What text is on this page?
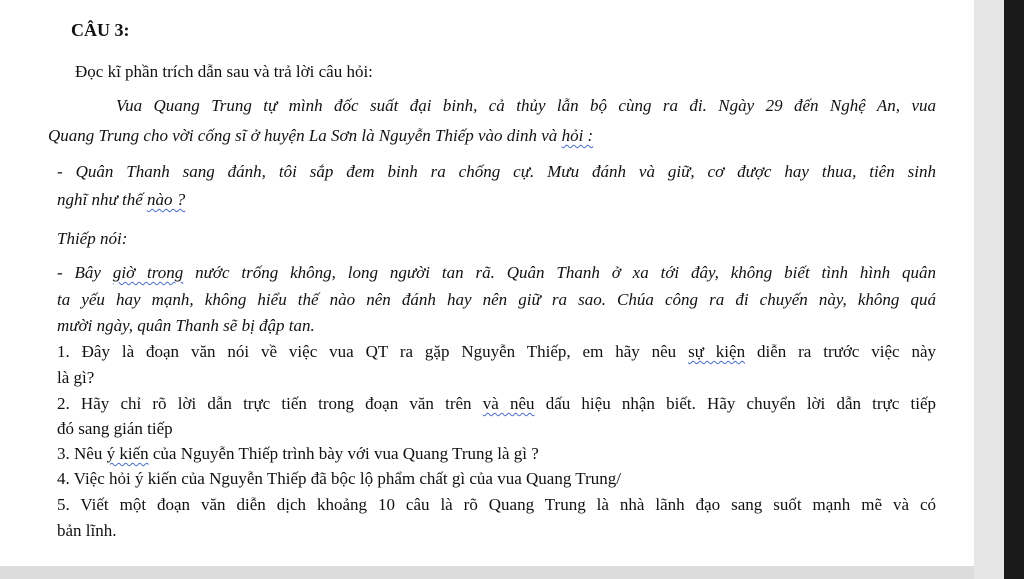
CÂU 3:
Đọc kĩ phần trích dẫn sau và trả lời câu hỏi:
Vua Quang Trung tự mình đốc suất đại binh, cả thủy lẫn bộ cùng ra đi. Ngày 29 đến Nghệ An, vua
Quang Trung cho vời cống sĩ ở huyện La Sơn là Nguyễn Thiếp vào dinh và hỏi :
- Quân Thanh sang đánh, tôi sắp đem binh ra chống cự. Mưu đánh và giữ, cơ được hay thua, tiên sinh
nghĩ như thế nào ?
Thiếp nói:
- Bây giờ trong nước trống không, long người tan rã. Quân Thanh ở xa tới đây, không biết tình hình quân
ta yếu hay mạnh, không hiểu thế nào nên đánh hay nên giữ ra sao. Chúa công ra đi chuyến này, không quá
mười ngày, quân Thanh sẽ bị đập tan.
1. Đây là đoạn văn nói về việc vua QT ra gặp Nguyễn Thiếp, em hãy nêu sự kiện diễn ra trước việc này
là gì?
2. Hãy chỉ rõ lời dẫn trực tiến trong đoạn văn trên và nêu dấu hiệu nhận biết. Hãy chuyển lời dẫn trực tiếp
đó sang gián tiếp
3. Nêu ý kiến của Nguyễn Thiếp trình bày với vua Quang Trung là gì ?
4. Việc hỏi ý kiến của Nguyễn Thiếp đã bộc lộ phẩm chất gì của vua Quang Trung/
5. Viết một đoạn văn diễn dịch khoảng 10 câu là rõ Quang Trung là nhà lãnh đạo sang suốt mạnh mẽ và có
bản lĩnh.
